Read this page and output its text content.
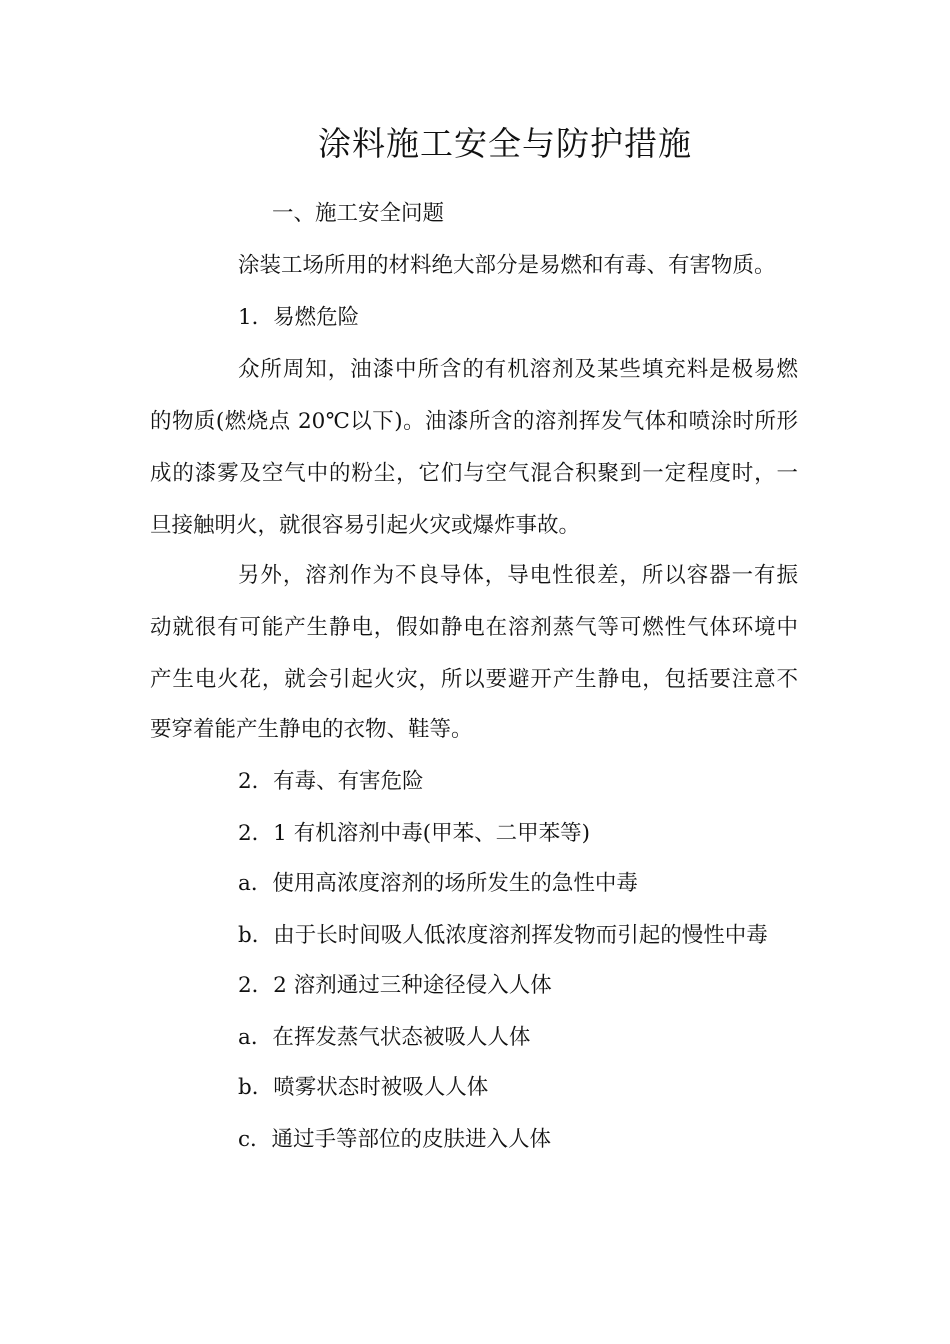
涂料施工安全与防护措施
一、施工安全问题
涂装工场所用的材料绝大部分是易燃和有毒、有害物质。
1．易燃危险
众所周知，油漆中所含的有机溶剂及某些填充料是极易燃
的物质(燃烧点 20℃以下)。油漆所含的溶剂挥发气体和喷涂时所形
成的漆雾及空气中的粉尘，它们与空气混合积聚到一定程度时，一
旦接触明火，就很容易引起火灾或爆炸事故。
另外，溶剂作为不良导体，导电性很差，所以容器一有振
动就很有可能产生静电，假如静电在溶剂蒸气等可燃性气体环境中
产生电火花，就会引起火灾，所以要避开产生静电，包括要注意不
要穿着能产生静电的衣物、鞋等。
2．有毒、有害危险
2．1 有机溶剂中毒(甲苯、二甲苯等)
a．使用高浓度溶剂的场所发生的急性中毒
b．由于长时间吸人低浓度溶剂挥发物而引起的慢性中毒
2．2 溶剂通过三种途径侵入人体
a．在挥发蒸气状态被吸人人体
b．喷雾状态时被吸人人体
c．通过手等部位的皮肤进入人体
